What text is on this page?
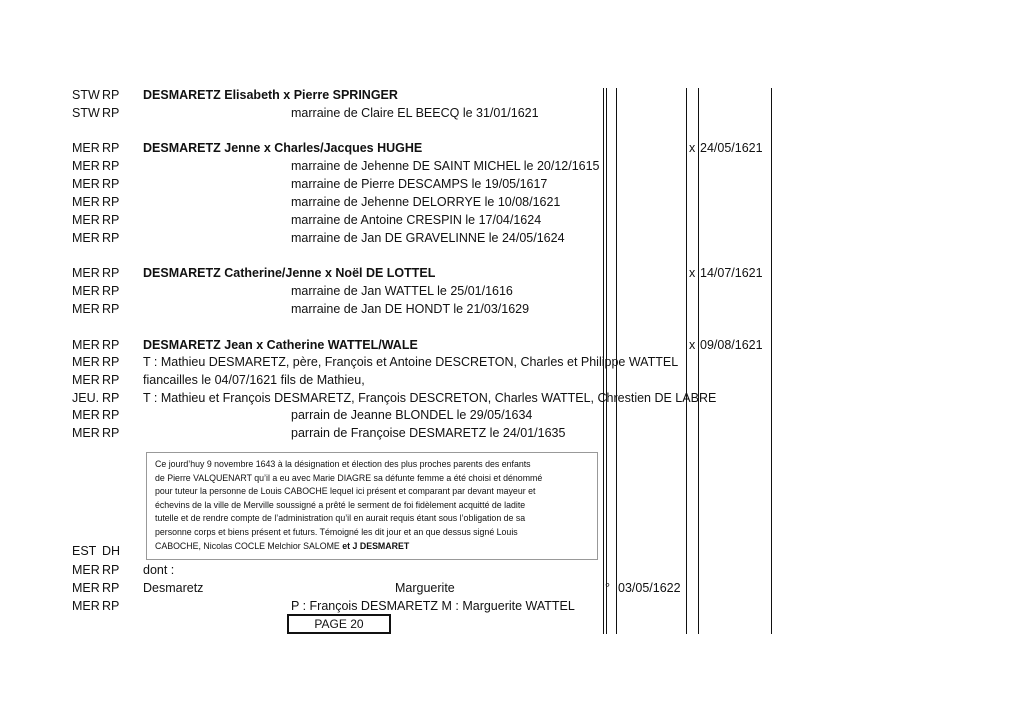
STW RP DESMARETZ Elisabeth x Pierre SPRINGER
STW RP	marraine de Claire EL BEECQ le 31/01/1621
MER RP DESMARETZ Jenne x Charles/Jacques HUGHE	x 24/05/1621
MER RP	marraine de Jehenne DE SAINT MICHEL le 20/12/1615
MER RP	marraine de Pierre DESCAMPS le 19/05/1617
MER RP	marraine de Jehenne DELORRYE le 10/08/1621
MER RP	marraine de Antoine CRESPIN le 17/04/1624
MER RP	marraine de Jan DE GRAVELINNE le 24/05/1624
MER RP DESMARETZ Catherine/Jenne x Noël DE LOTTEL	x 14/07/1621
MER RP	marraine de Jan WATTEL le 25/01/1616
MER RP	marraine de Jan DE HONDT le 21/03/1629
MER RP DESMARETZ Jean x Catherine WATTEL/WALE	x 09/08/1621
MER RP T : Mathieu DESMARETZ, père, François et Antoine DESCRETON, Charles et Philippe WATTEL
MER RP fiancailles le 04/07/1621 fils de Mathieu,
JEU. RP T : Mathieu et François DESMARETZ, François DESCRETON, Charles WATTEL, Chrestien DE LABRE
MER RP	parrain de Jeanne BLONDEL le 29/05/1634
MER RP	parrain de Françoise DESMARETZ le 24/01/1635
EST DH
MER RP dont :
MER RP Desmaretz	Marguerite	° 03/05/1622
MER RP	P : François DESMARETZ M : Marguerite WATTEL
Ce jourd’huy 9 novembre 1643 à la désignation et élection des plus proches parents des enfants
de Pierre VALQUENART qu’il a eu avec Marie DIAGRE sa défunte femme a été choisi et dénommé
pour tuteur la personne de Louis CABOCHE lequel ici présent et comparant par devant mayeur et
échevins de la ville de Merville soussigné a prêté le serment de foi fidèlement acquitté de ladite
tutelle et de rendre compte de l’administration qu’il en aurait requis étant sous l’obligation de sa
personne corps et biens présent et futurs. Témoigné les dit jour et an que dessus signé Louis
CABOCHE, Nicolas COCLE Melchior SALOME et J DESMARET
PAGE 20
